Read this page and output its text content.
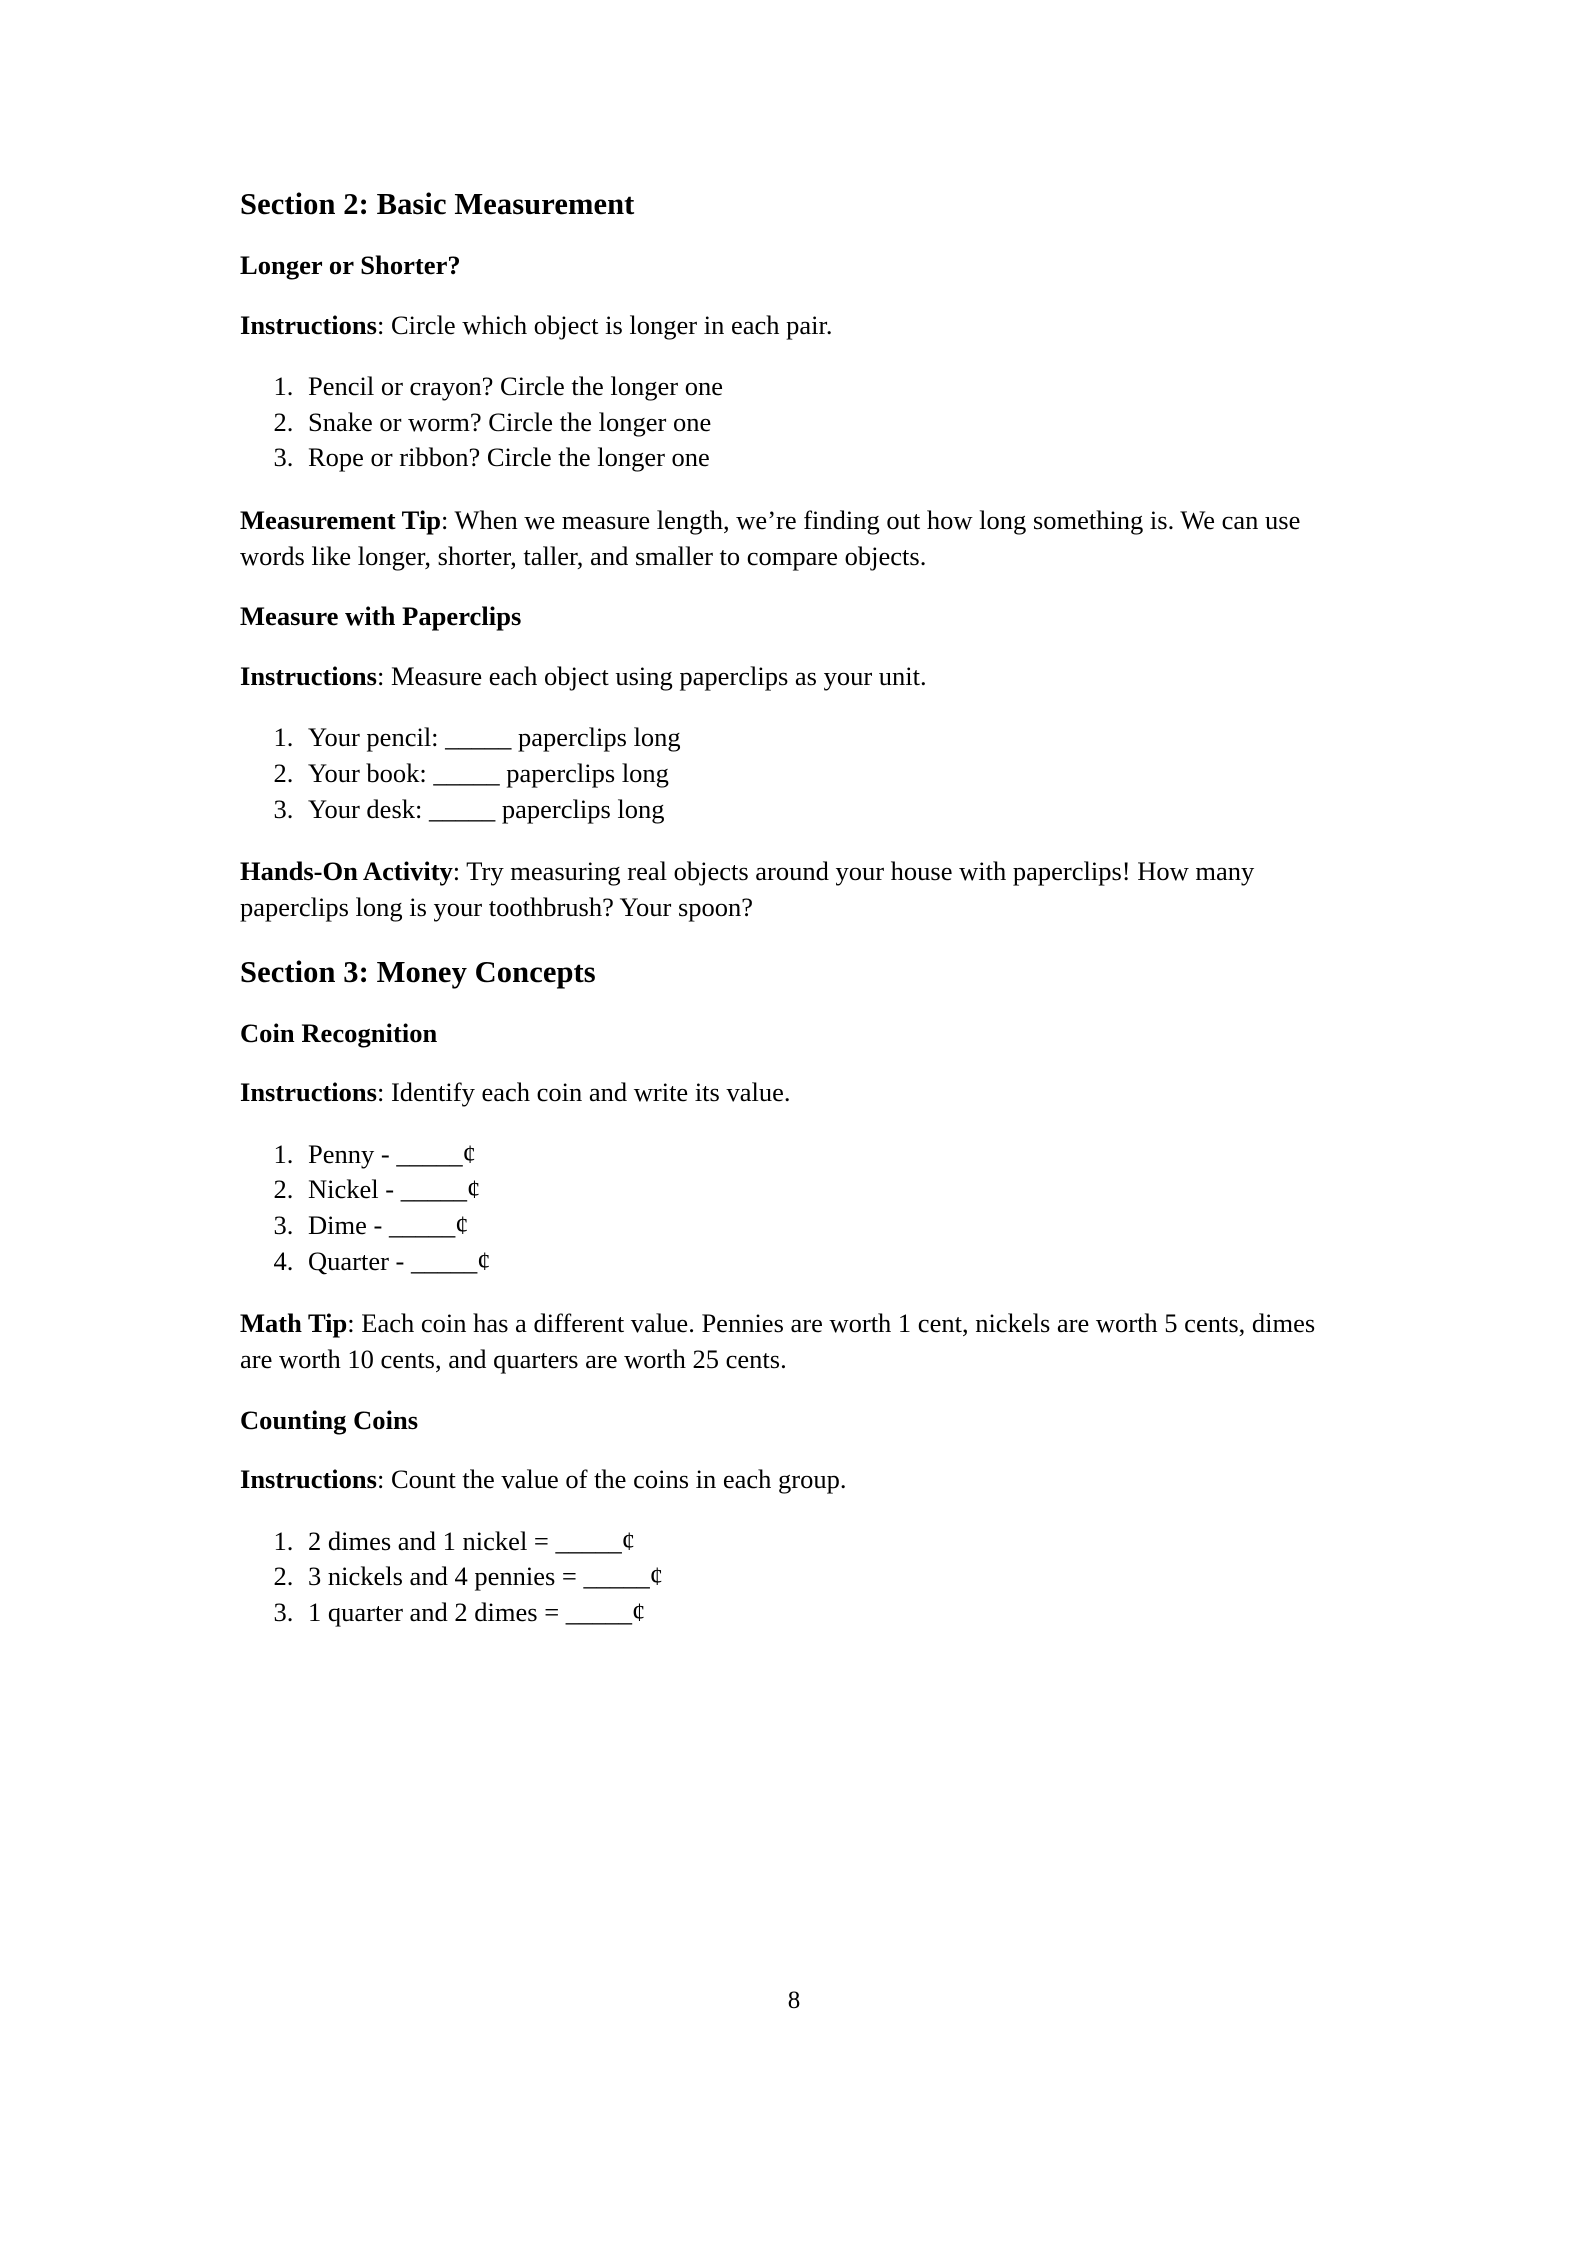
Section 2: Basic Measurement
Longer or Shorter?

Instructions: Circle which object is longer in each pair.

1. Pencil or crayon? Circle the longer one
2. Snake or worm? Circle the longer one
3. Rope or ribbon? Circle the longer one

Measurement Tip: When we measure length, we’re finding out how long something is. We can use words like longer, shorter, taller, and smaller to compare objects.

Measure with Paperclips

Instructions: Measure each object using paperclips as your unit.

1. Your pencil: _____ paperclips long
2. Your book: _____ paperclips long
3. Your desk: _____ paperclips long

Hands-On Activity: Try measuring real objects around your house with paperclips! How many paperclips long is your toothbrush? Your spoon?

Section 3: Money Concepts
Coin Recognition

Instructions: Identify each coin and write its value.

1. Penny - _____¢
2. Nickel - _____¢
3. Dime - _____¢
4. Quarter - _____¢

Math Tip: Each coin has a different value. Pennies are worth 1 cent, nickels are worth 5 cents, dimes are worth 10 cents, and quarters are worth 25 cents.

Counting Coins

Instructions: Count the value of the coins in each group.

1. 2 dimes and 1 nickel = _____¢
2. 3 nickels and 4 pennies = _____¢
3. 1 quarter and 2 dimes = _____¢
8
